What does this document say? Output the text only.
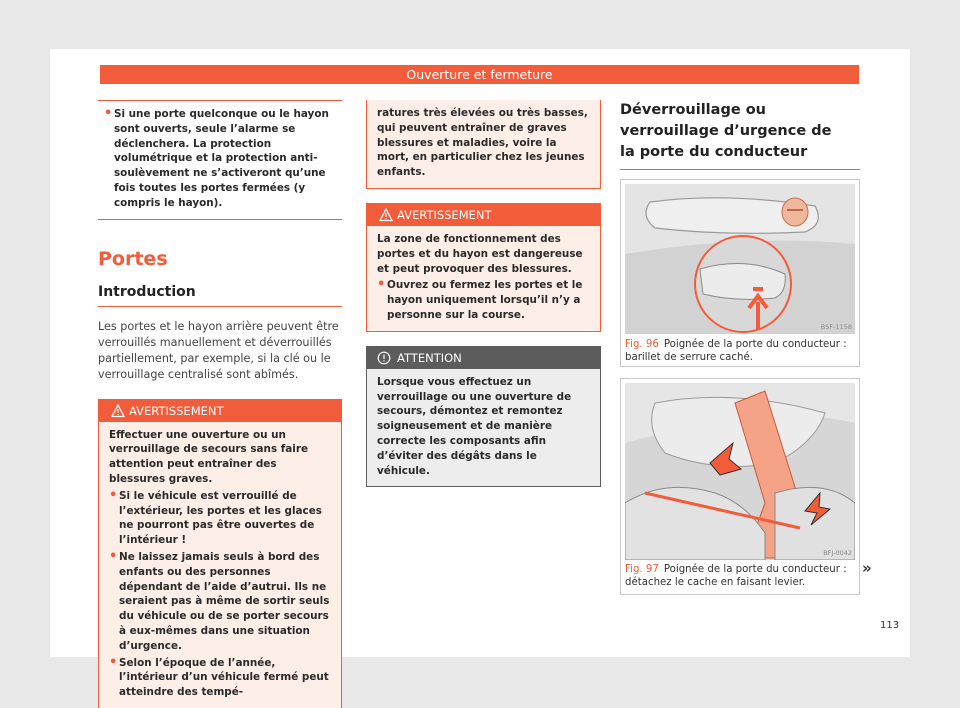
Ouverture et fermeture

• Si une porte quelconque ou le hayon sont ouverts, seule l’alarme se déclenchera. La protection volumétrique et la protection anti-soulèvement ne s’activeront qu’une fois toutes les portes fermées (y compris le hayon).

Portes
Introduction

Les portes et le hayon arrière peuvent être verrouillés manuellement et déverrouillés partiellement, par exemple, si la clé ou le verrouillage centralisé sont abîmés.

AVERTISSEMENT

Effectuer une ouverture ou un verrouillage de secours sans faire attention peut entraîner des blessures graves.

• Si le véhicule est verrouillé de l’extérieur, les portes et les glaces ne pourront pas être ouvertes de l’intérieur !

• Ne laissez jamais seuls à bord des enfants ou des personnes dépendant de l’aide d’autrui. Ils ne seraient pas à même de sortir seuls du véhicule ou de se porter secours à eux-mêmes dans une situation d’urgence.

• Selon l’époque de l’année, l’intérieur d’un véhicule fermé peut atteindre des tempé-

ratures très élevées ou très basses, qui peuvent entraîner de graves blessures et maladies, voire la mort, en particulier chez les jeunes enfants.

AVERTISSEMENT

La zone de fonctionnement des portes et du hayon est dangereuse et peut provoquer des blessures.

• Ouvrez ou fermez les portes et le hayon uniquement lorsqu’il n’y a personne sur la course.

ATTENTION

Lorsque vous effectuez un verrouillage ou une ouverture de secours, démontez et remontez soigneusement et de manière correcte les composants afin d’éviter des dégâts dans le véhicule.

Déverrouillage ou verrouillage d’urgence de la porte du conducteur
B5F-1158
Fig. 96 Poignée de la porte du conducteur : barillet de serrure caché.
BFJ-0042
Fig. 97 Poignée de la porte du conducteur : détachez le cache en faisant levier.
»
113
